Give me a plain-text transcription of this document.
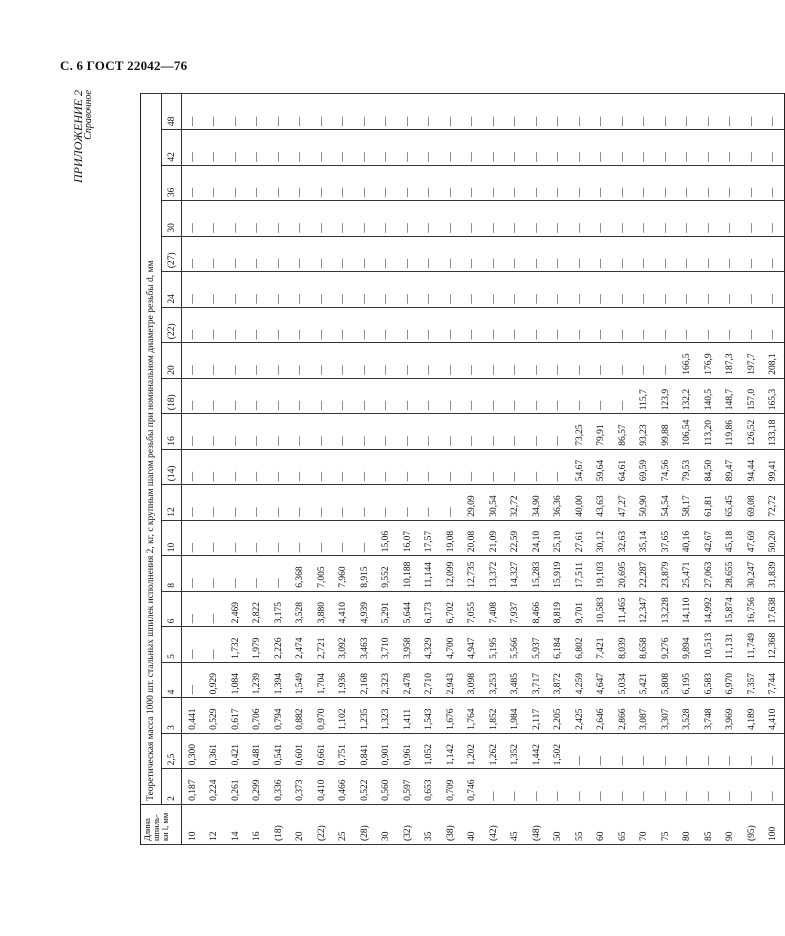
С. 6 ГОСТ 22042—76
ПРИЛОЖЕНИЕ 2
Справочное
Длина шпиль-ки l, мм	Теоретическая масса 1000 шт. стальных шпилек исполнения 2, кг, с крупным шагом резьбы при номинальном диаметре резьбы d, мм																			
	2	2,5	3	4	5	6	8	10	12	(14)	16	(18)	20	(22)	24	(27)	30	36	42	48
10	0,187	0,300	0,441	—	—	—	—	—	—	—	—	—	—	—	—	—	—	—	—	—
12	0,224	0,361	0,529	0,929	—	—	—	—	—	—	—	—	—	—	—	—	—	—	—	—
14	0,261	0,421	0,617	1,084	1,732	2,469	—	—	—	—	—	—	—	—	—	—	—	—	—	—
16	0,299	0,481	0,706	1,239	1,979	2,822	—	—	—	—	—	—	—	—	—	—	—	—	—	—
(18)	0,336	0,541	0,794	1,394	2,226	3,175	—	—	—	—	—	—	—	—	—	—	—	—	—	—
20	0,373	0,601	0,882	1,549	2,474	3,528	6,368	—	—	—	—	—	—	—	—	—	—	—	—	—
(22)	0,410	0,661	0,970	1,704	2,721	3,880	7,005	—	—	—	—	—	—	—	—	—	—	—	—	—
25	0,466	0,751	1,102	1,936	3,092	4,410	7,960	—	—	—	—	—	—	—	—	—	—	—	—	—
(28)	0,522	0,841	1,235	2,168	3,463	4,939	8,915	—	—	—	—	—	—	—	—	—	—	—	—	—
30	0,560	0,901	1,323	2,323	3,710	5,291	9,552	15,06	—	—	—	—	—	—	—	—	—	—	—	—
(32)	0,597	0,961	1,411	2,478	3,958	5,644	10,188	16,07	—	—	—	—	—	—	—	—	—	—	—	—
35	0,653	1,052	1,543	2,710	4,329	6,173	11,144	17,57	—	—	—	—	—	—	—	—	—	—	—	—
(38)	0,709	1,142	1,676	2,943	4,700	6,702	12,099	19,08	—	—	—	—	—	—	—	—	—	—	—	—
40	0,746	1,202	1,764	3,098	4,947	7,055	12,735	20,08	29,09	—	—	—	—	—	—	—	—	—	—	—
(42)	—	1,262	1,852	3,253	5,195	7,408	13,372	21,09	30,54	—	—	—	—	—	—	—	—	—	—	—
45	—	1,352	1,984	3,485	5,566	7,937	14,327	22,59	32,72	—	—	—	—	—	—	—	—	—	—	—
(48)	—	1,442	2,117	3,717	5,937	8,466	15,283	24,10	34,90	—	—	—	—	—	—	—	—	—	—	—
50	—	1,502	2,205	3,872	6,184	8,819	15,919	25,10	36,36	—	—	—	—	—	—	—	—	—	—	—
55	—	—	2,425	4,259	6,802	9,701	17,511	27,61	40,00	54,67	73,25	—	—	—	—	—	—	—	—	—
60	—	—	2,646	4,647	7,421	10,583	19,103	30,12	43,63	59,64	79,91	—	—	—	—	—	—	—	—	—
65	—	—	2,866	5,034	8,039	11,465	20,695	32,63	47,27	64,61	86,57	—	—	—	—	—	—	—	—	—
70	—	—	3,087	5,421	8,658	12,347	22,287	35,14	50,90	69,59	93,23	115,7	—	—	—	—	—	—	—	—
75	—	—	3,307	5,808	9,276	13,228	23,879	37,65	54,54	74,56	99,88	123,9	—	—	—	—	—	—	—	—
80	—	—	3,528	6,195	9,894	14,110	25,471	40,16	58,17	79,53	106,54	132,2	166,5	—	—	—	—	—	—	—
85	—	—	3,748	6,583	10,513	14,992	27,063	42,67	61,81	84,50	113,20	140,5	176,9	—	—	—	—	—	—	—
90	—	—	3,969	6,970	11,131	15,874	28,655	45,18	65,45	89,47	119,86	148,7	187,3	—	—	—	—	—	—	—
(95)	—	—	4,189	7,357	11,749	16,756	30,247	47,69	69,08	94,44	126,52	157,0	197,7	—	—	—	—	—	—	—
100	—	—	4,410	7,744	12,368	17,638	31,839	50,20	72,72	99,41	133,18	165,3	208,1	—	—	—	—	—	—	—
